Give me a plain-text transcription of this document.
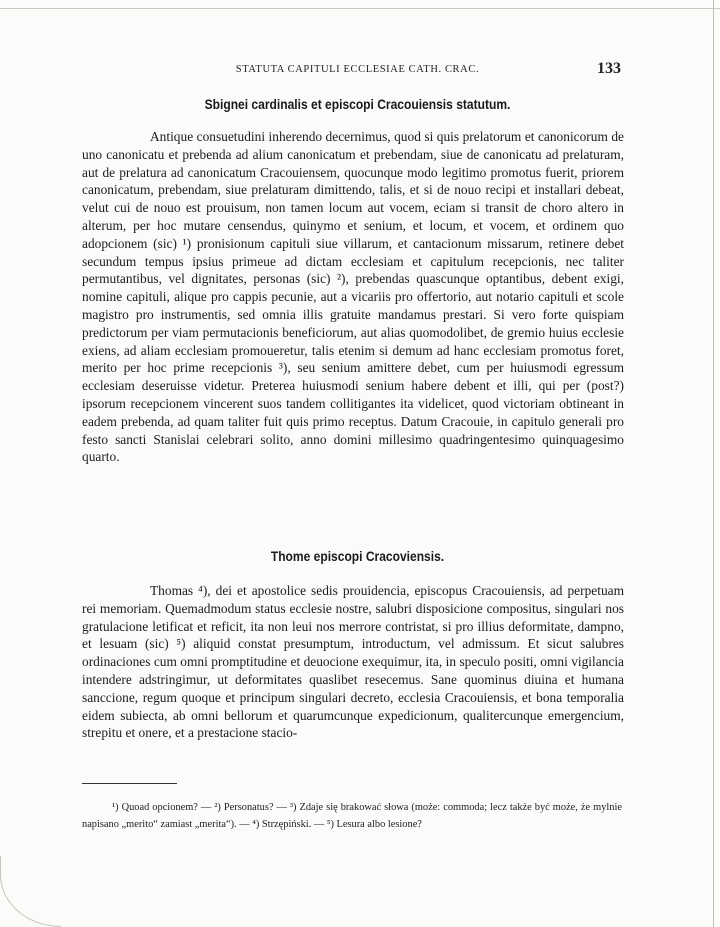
STATUTA CAPITULI ECCLESIAE CATH. CRAC.	133
Sbignei cardinalis et episcopi Cracouiensis statutum.

Antique consuetudini inherendo decernimus, quod si quis prelatorum et canonicorum de uno canonicatu et prebenda ad alium canonicatum et prebendam, siue de canonicatu ad prelaturam, aut de prelatura ad canonicatum Cracouiensem, quocunque modo legitimo promotus fuerit, priorem canonicatum, prebendam, siue prelaturam dimittendo, talis, et si de nouo recipi et installari debeat, velut cui de nouo est prouisum, non tamen locum aut vocem, eciam si transit de choro altero in alterum, per hoc mutare censendus, quinymo et senium, et locum, et vocem, et ordinem quo adopcionem (sic) ¹) pronisionum capituli siue villarum, et cantacionum missarum, retinere debet secundum tempus ipsius primeue ad dictam ecclesiam et capitulum recepcionis, nec taliter permutantibus, vel dignitates, personas (sic) ²), prebendas quascunque optantibus, debent exigi, nomine capituli, alique pro cappis pecunie, aut a vicariis pro offertorio, aut notario capituli et scole magistro pro instrumentis, sed omnia illis gratuite mandamus prestari. Si vero forte quispiam predictorum per viam permutacionis beneficiorum, aut alias quomodolibet, de gremio huius ecclesie exiens, ad aliam ecclesiam promoueretur, talis etenim si demum ad hanc ecclesiam promotus foret, merito per hoc prime recepcionis ³), seu senium amittere debet, cum per huiusmodi egressum ecclesiam deseruisse videtur. Preterea huiusmodi senium habere debent et illi, qui per (post?) ipsorum recepcionem vincerent suos tandem collitigantes ita videlicet, quod victoriam obtineant in eadem prebenda, ad quam taliter fuit quis primo receptus. Datum Cracouie, in capitulo generali pro festo sancti Stanislai celebrari solito, anno domini millesimo quadringentesimo quinquagesimo quarto.

Thome episcopi Cracoviensis.

Thomas ⁴), dei et apostolice sedis prouidencia, episcopus Cracouiensis, ad perpetuam rei memoriam. Quemadmodum status ecclesie nostre, salubri disposicione compositus, singulari nos gratulacione letificat et reficit, ita non leui nos merrore contristat, si pro illius deformitate, dampno, et lesuam (sic) ⁵) aliquid constat presumptum, introductum, vel admissum. Et sicut salubres ordinaciones cum omni promptitudine et deuocione exequimur, ita, in speculo positi, omni vigilancia intendere adstringimur, ut deformitates quaslibet resecemus. Sane quominus diuina et humana sanccione, regum quoque et principum singulari decreto, ecclesia Cracouiensis, et bona temporalia eidem subiecta, ab omni bellorum et quarumcunque expedicionum, qualitercunque emergencium, strepitu et onere, et a prestacione stacio-

¹) Quoad opcionem? — ²) Personatus? — ³) Zdaje się brakować słowa (może: commoda; lecz także być może, że mylnie napisano „merito“ zamiast „merita“). — ⁴) Strzępiński. — ⁵) Lesura albo lesione?
